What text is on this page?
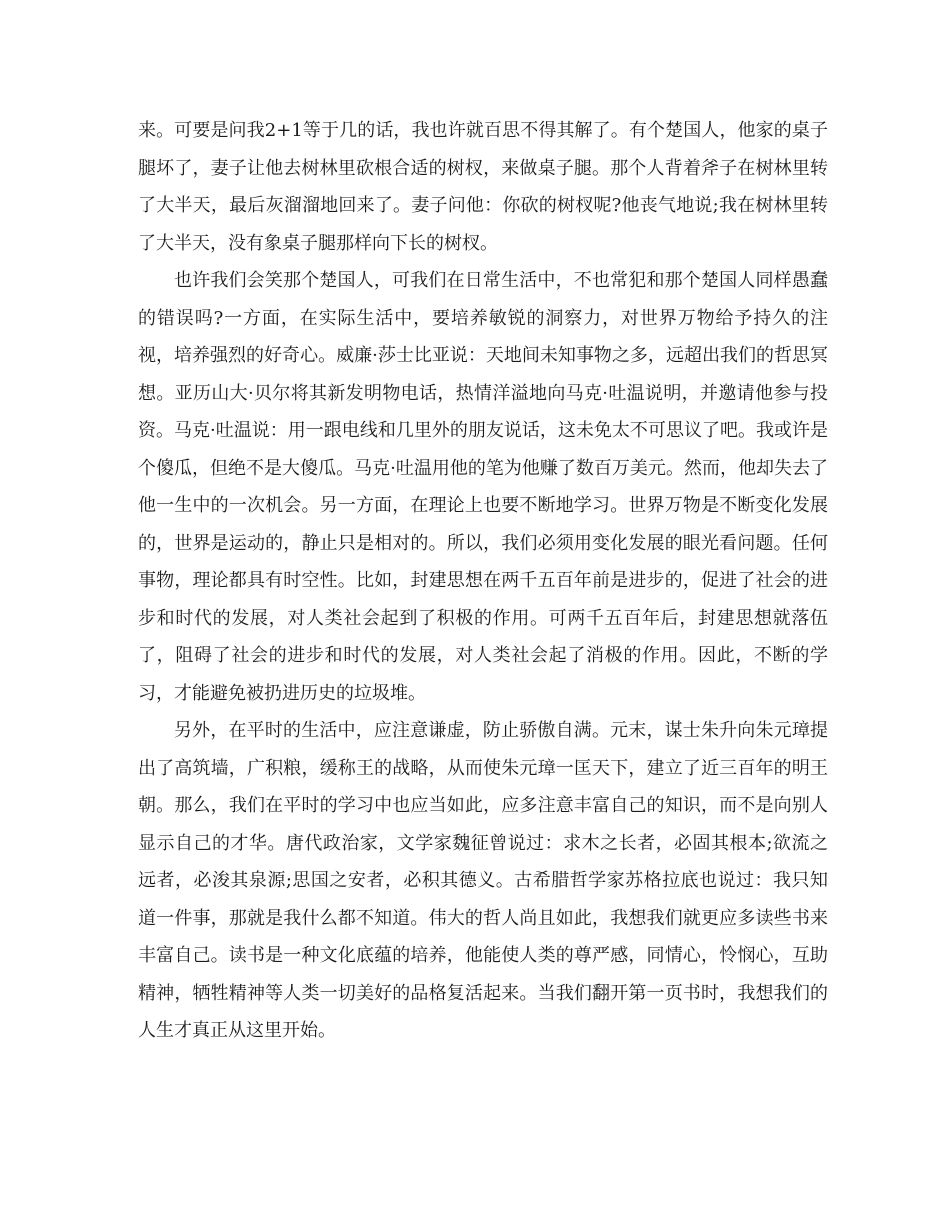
来。可要是问我2+1等于几的话，我也许就百思不得其解了。有个楚国人，他家的桌子腿坏了，妻子让他去树林里砍根合适的树杈，来做桌子腿。那个人背着斧子在树林里转了大半天，最后灰溜溜地回来了。妻子问他：你砍的树杈呢?他丧气地说;我在树林里转了大半天，没有象桌子腿那样向下长的树杈。

也许我们会笑那个楚国人，可我们在日常生活中，不也常犯和那个楚国人同样愚蠢的错误吗?一方面，在实际生活中，要培养敏锐的洞察力，对世界万物给予持久的注视，培养强烈的好奇心。威廉·莎士比亚说：天地间未知事物之多，远超出我们的哲思冥想。亚历山大·贝尔将其新发明物电话，热情洋溢地向马克·吐温说明，并邀请他参与投资。马克·吐温说：用一跟电线和几里外的朋友说话，这未免太不可思议了吧。我或许是个傻瓜，但绝不是大傻瓜。马克·吐温用他的笔为他赚了数百万美元。然而，他却失去了他一生中的一次机会。另一方面，在理论上也要不断地学习。世界万物是不断变化发展的，世界是运动的，静止只是相对的。所以，我们必须用变化发展的眼光看问题。任何事物，理论都具有时空性。比如，封建思想在两千五百年前是进步的，促进了社会的进步和时代的发展，对人类社会起到了积极的作用。可两千五百年后，封建思想就落伍了，阻碍了社会的进步和时代的发展，对人类社会起了消极的作用。因此，不断的学习，才能避免被扔进历史的垃圾堆。

另外，在平时的生活中，应注意谦虚，防止骄傲自满。元末，谋士朱升向朱元璋提出了高筑墙，广积粮，缓称王的战略，从而使朱元璋一匡天下，建立了近三百年的明王朝。那么，我们在平时的学习中也应当如此，应多注意丰富自己的知识，而不是向别人显示自己的才华。唐代政治家，文学家魏征曾说过：求木之长者，必固其根本;欲流之远者，必浚其泉源;思国之安者，必积其德义。古希腊哲学家苏格拉底也说过：我只知道一件事，那就是我什么都不知道。伟大的哲人尚且如此，我想我们就更应多读些书来丰富自己。读书是一种文化底蕴的培养，他能使人类的尊严感，同情心，怜悯心，互助精神，牺牲精神等人类一切美好的品格复活起来。当我们翻开第一页书时，我想我们的人生才真正从这里开始。
